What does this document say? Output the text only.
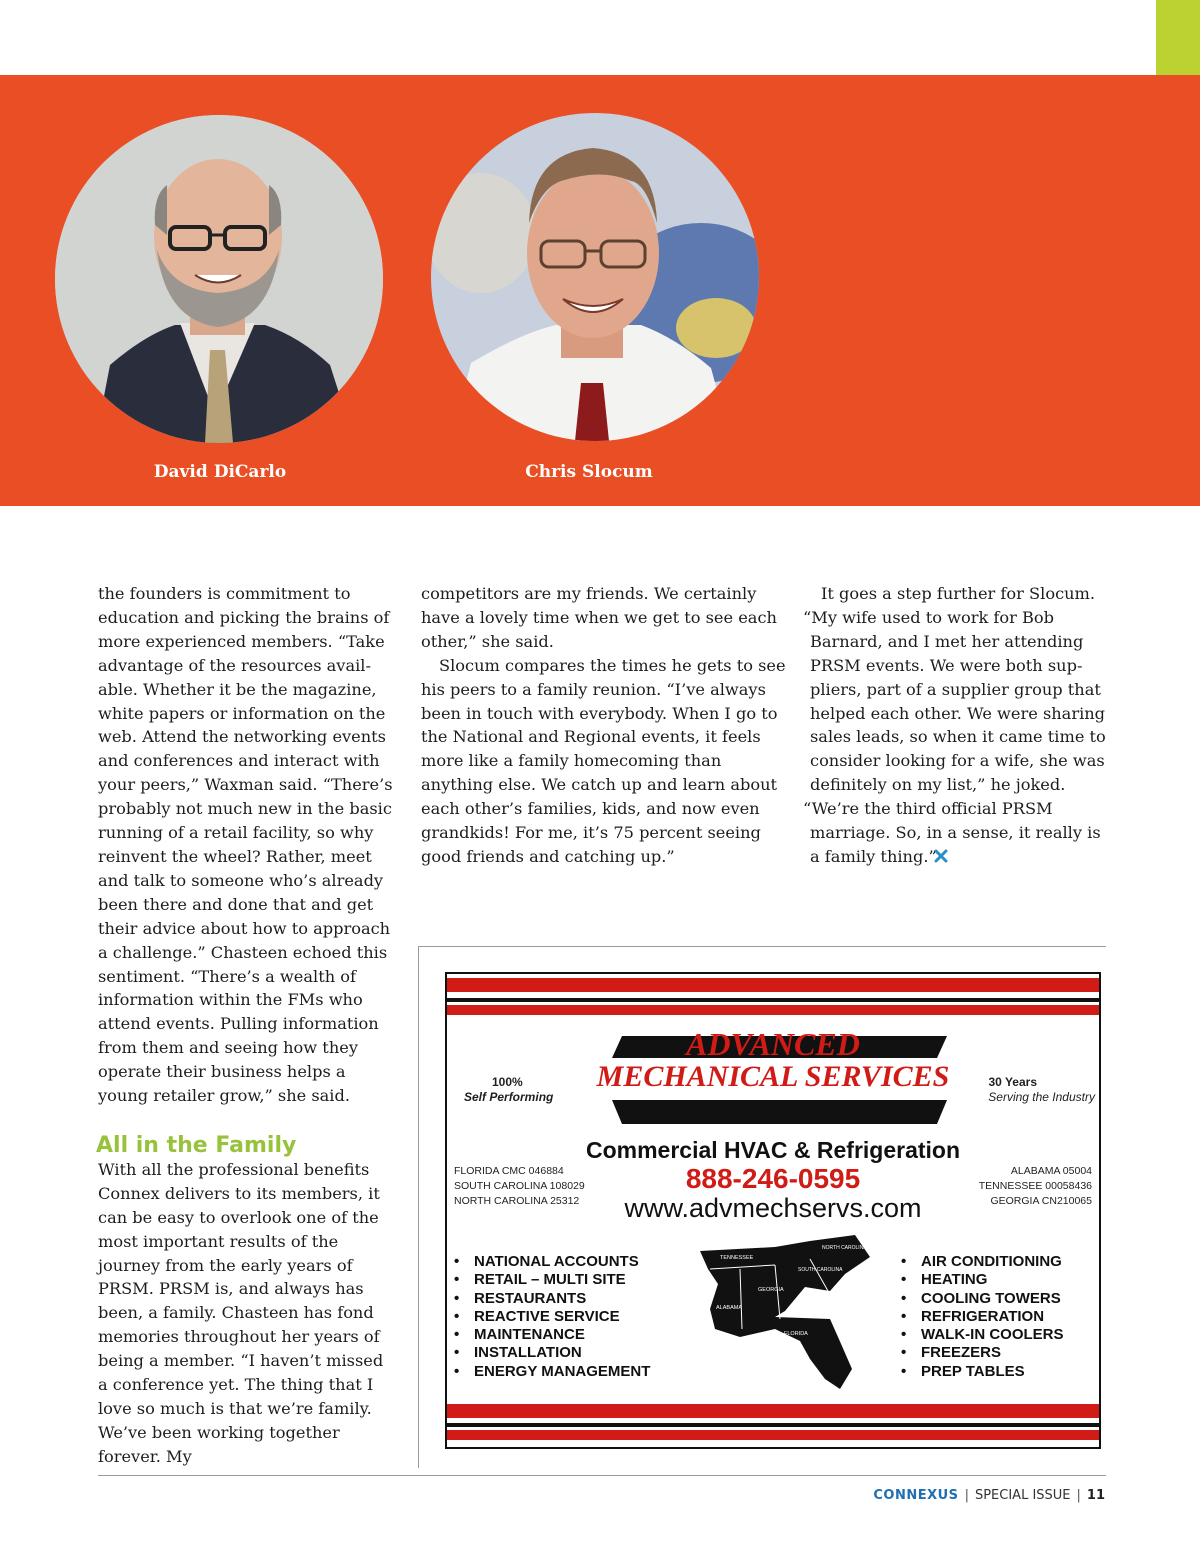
David DiCarlo	Chris Slocum

the founders is commitment to education and picking the brains of more experienced members. “Take advantage of the resources avail-able. Whether it be the magazine, white papers or information on the web. Attend the networking events and conferences and interact with your peers,” Waxman said. “There’s probably not much new in the basic running of a retail facility, so why reinvent the wheel? Rather, meet and talk to someone who’s already been there and done that and get their advice about how to approach a challenge.” Chasteen echoed this sentiment. “There’s a wealth of information within the FMs who attend events. Pulling information from them and seeing how they operate their business helps a young retailer grow,” she said.

All in the Family

With all the professional benefits Connex delivers to its members, it can be easy to overlook one of the most important results of the journey from the early years of PRSM. PRSM is, and always has been, a family. Chasteen has fond memories throughout her years of being a member. “I haven’t missed a conference yet. The thing that I love so much is that we’re family. We’ve been working together forever. My

competitors are my friends. We certainly have a lovely time when we get to see each other,” she said.

Slocum compares the times he gets to see his peers to a family reunion. “I’ve always been in touch with everybody. When I go to the National and Regional events, it feels more like a family homecoming than anything else. We catch up and learn about each other’s families, kids, and now even grandkids! For me, it’s 75 percent seeing good friends and catching up.”

It goes a step further for Slocum.

“My wife used to work for Bob Barnard, and I met her attending PRSM events. We were both sup-pliers, part of a supplier group that helped each other. We were sharing sales leads, so when it came time to consider looking for a wife, she was definitely on my list,” he joked.

“We’re the third official PRSM marriage. So, in a sense, it really is a family thing.”

ADVANCED
MECHANICAL SERVICES
100%
Self Performing
30 Years
Serving the Industry
Commercial HVAC & Refrigeration
888-246-0595
www.advmechservs.com
FLORIDA CMC 046884
SOUTH CAROLINA 108029
NORTH CAROLINA 25312
ALABAMA 05004
TENNESSEE 00058436
GEORGIA CN210065
• NATIONAL ACCOUNTS
• RETAIL – MULTI SITE
• RESTAURANTS
• REACTIVE SERVICE
• MAINTENANCE
• INSTALLATION
• ENERGY MANAGEMENT
• AIR CONDITIONING
• HEATING
• COOLING TOWERS
• REFRIGERATION
• WALK-IN COOLERS
• FREEZERS
• PREP TABLES
TENNESSEE
NORTH CAROLINA
SOUTH CAROLINA
GEORGIA
ALABAMA
FLORIDA
CONNEXUS | SPECIAL ISSUE | 11
